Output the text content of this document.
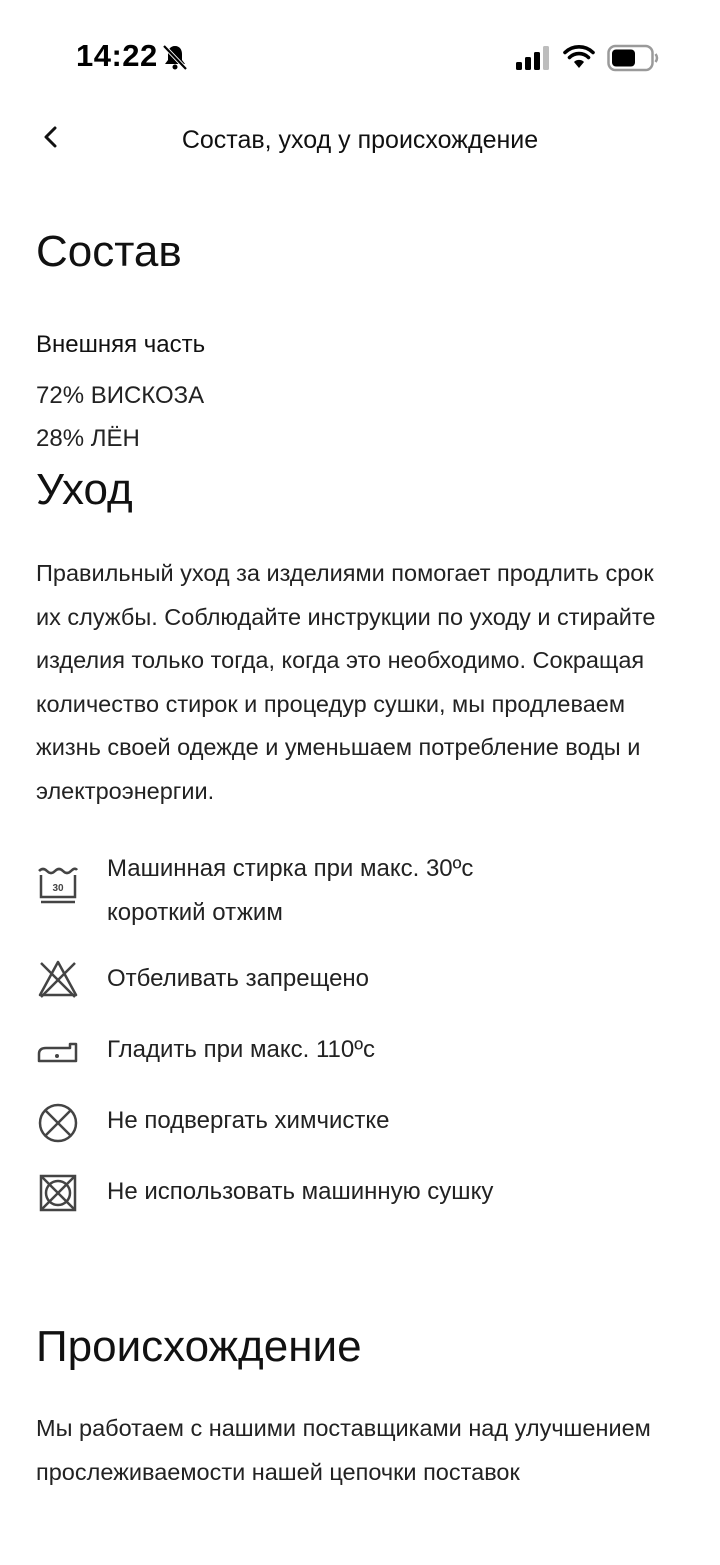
14:22
Состав, уход у происхождение
Состав
Внешняя часть
72% ВИСКОЗА
28% ЛЁН
Уход
Правильный уход за изделиями помогает продлить срок их службы. Соблюдайте инструкции по уходу и стирайте изделия только тогда, когда это необходимо. Сокращая количество стирок и процедур сушки, мы продлеваем жизнь своей одежде и уменьшаем потребление воды и электроэнергии.
30
Машинная стирка при макс. 30ºc
короткий отжим
Отбеливать запрещено
Гладить при макс. 110ºc
Не подвергать химчистке
Не использовать машинную сушку
Происхождение
Мы работаем с нашими поставщиками над улучшением прослеживаемости нашей цепочки поставок
